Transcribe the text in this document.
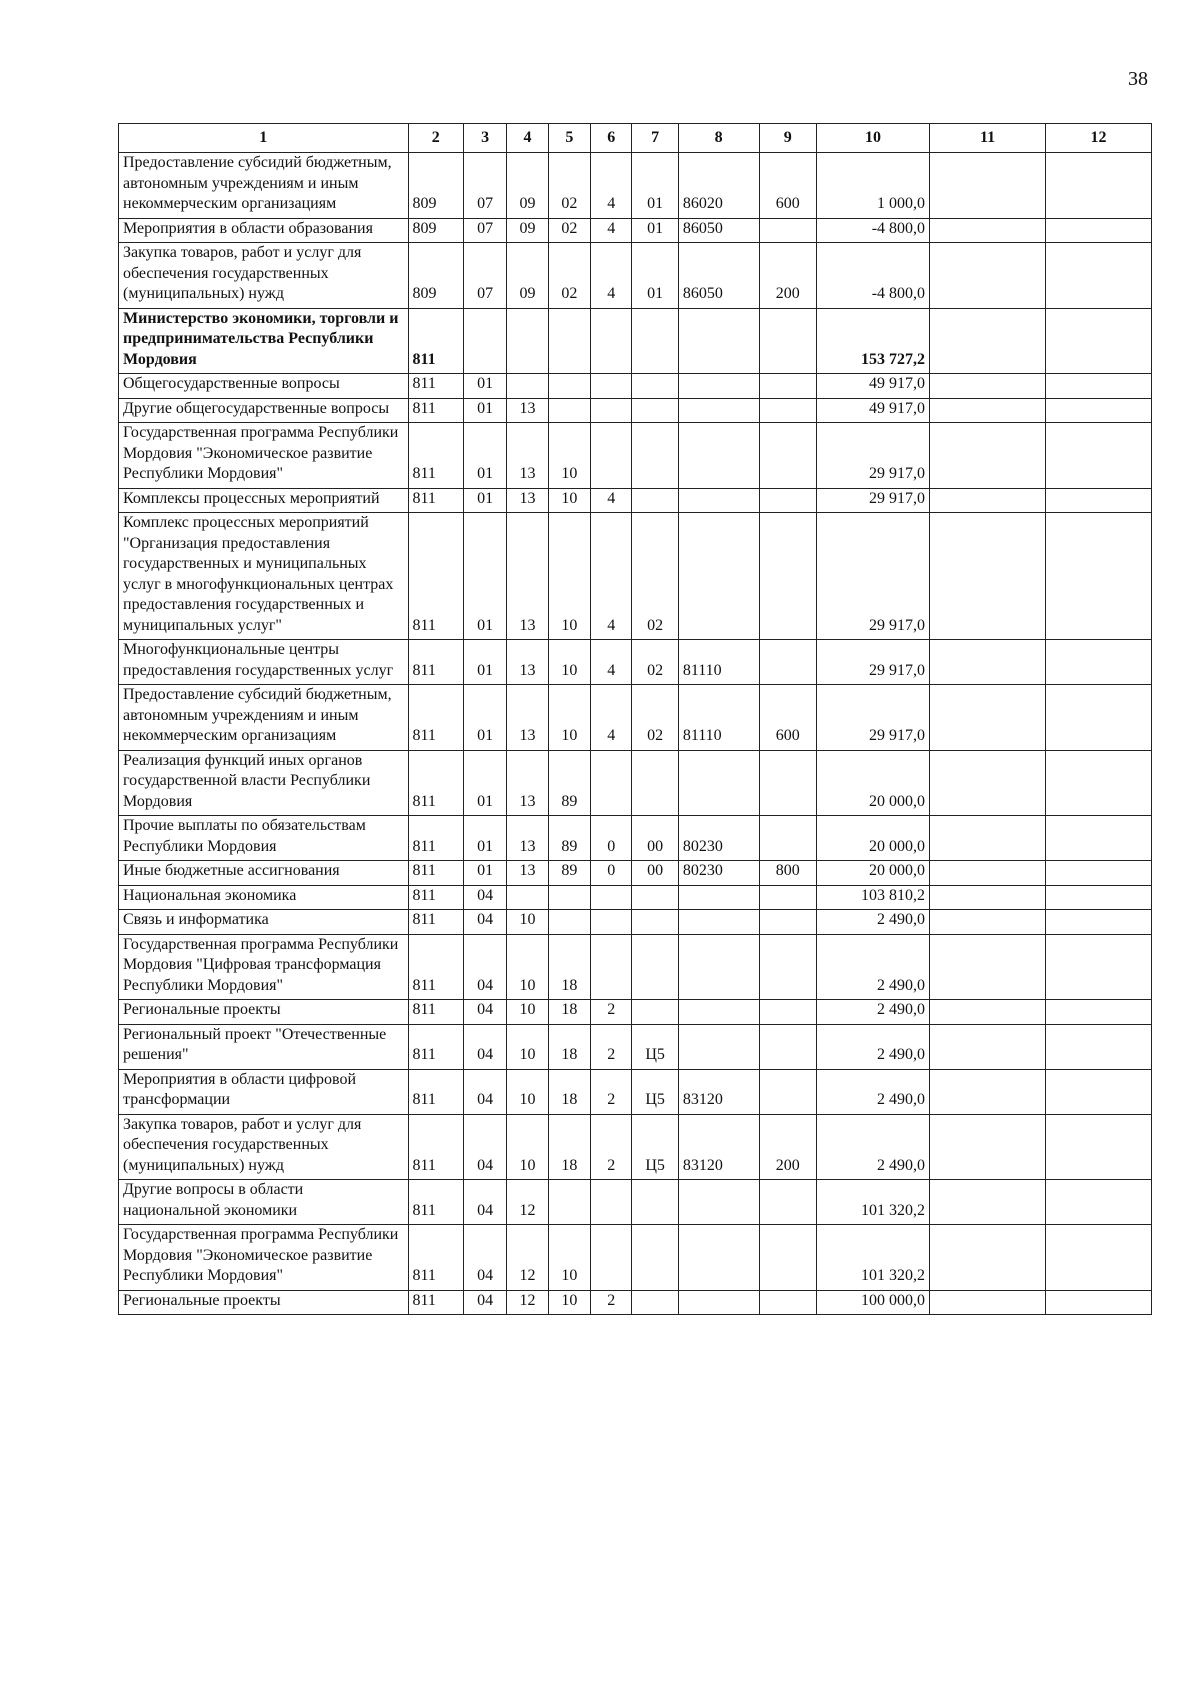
38
1	2	3	4	5	6	7	8	9	10	11	12
Предоставление субсидий бюджетным, автономным учреждениям и иным некоммерческим организациям	809	07	09	02	4	01	86020	600	1 000,0		
Мероприятия в области образования	809	07	09	02	4	01	86050		-4 800,0		
Закупка товаров, работ и услуг для обеспечения государственных (муниципальных) нужд	809	07	09	02	4	01	86050	200	-4 800,0		
Министерство экономики, торговли и предпринимательства Республики Мордовия	811								153 727,2		
Общегосударственные вопросы	811	01							49 917,0		
Другие общегосударственные вопросы	811	01	13						49 917,0		
Государственная программа Республики Мордовия "Экономическое развитие Республики Мордовия"	811	01	13	10					29 917,0		
Комплексы процессных мероприятий	811	01	13	10	4				29 917,0		
Комплекс процессных мероприятий "Организация предоставления государственных и муниципальных услуг в многофункциональных центрах предоставления государственных и муниципальных услуг"	811	01	13	10	4	02			29 917,0		
Многофункциональные центры предоставления государственных услуг	811	01	13	10	4	02	81110		29 917,0		
Предоставление субсидий бюджетным, автономным учреждениям и иным некоммерческим организациям	811	01	13	10	4	02	81110	600	29 917,0		
Реализация функций иных органов государственной власти Республики Мордовия	811	01	13	89					20 000,0		
Прочие выплаты по обязательствам Республики Мордовия	811	01	13	89	0	00	80230		20 000,0		
Иные бюджетные ассигнования	811	01	13	89	0	00	80230	800	20 000,0		
Национальная экономика	811	04							103 810,2		
Связь и информатика	811	04	10						2 490,0		
Государственная программа Республики Мордовия "Цифровая трансформация Республики Мордовия"	811	04	10	18					2 490,0		
Региональные проекты	811	04	10	18	2				2 490,0		
Региональный проект "Отечественные решения"	811	04	10	18	2	Ц5			2 490,0		
Мероприятия в области цифровой трансформации	811	04	10	18	2	Ц5	83120		2 490,0		
Закупка товаров, работ и услуг для обеспечения государственных (муниципальных) нужд	811	04	10	18	2	Ц5	83120	200	2 490,0		
Другие вопросы в области национальной экономики	811	04	12						101 320,2		
Государственная программа Республики Мордовия "Экономическое развитие Республики Мордовия"	811	04	12	10					101 320,2		
Региональные проекты	811	04	12	10	2				100 000,0		
